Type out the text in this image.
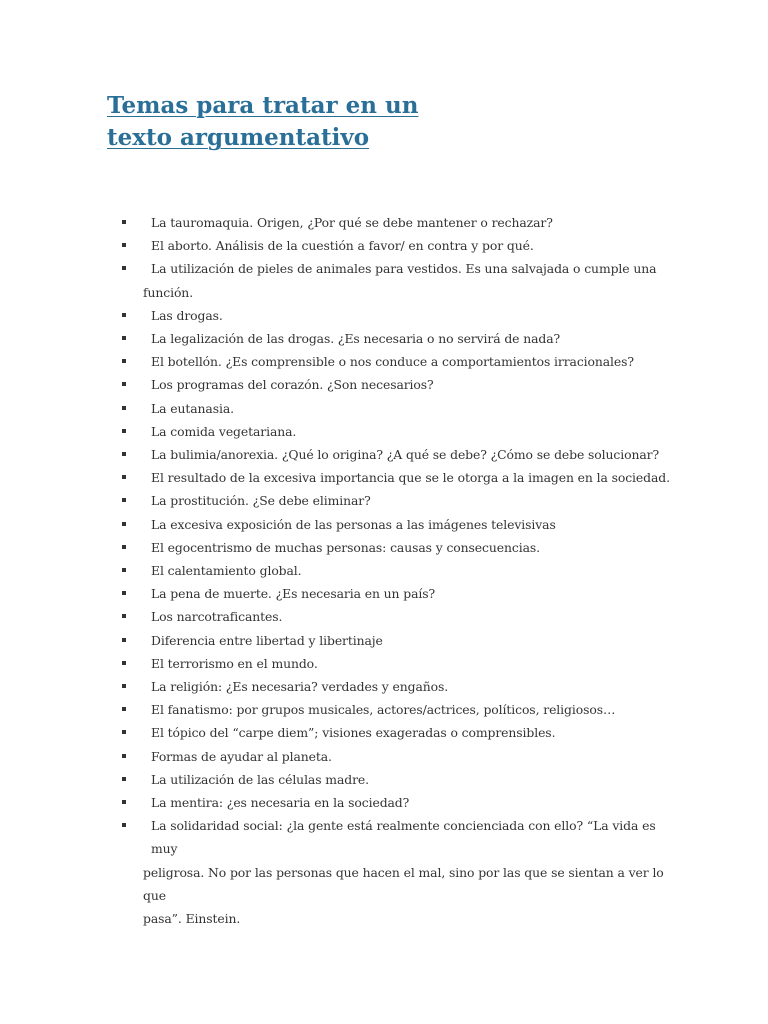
Temas para tratar en un
texto argumentativo
La tauromaquia. Origen, ¿Por qué se debe mantener o rechazar?
El aborto. Análisis de la cuestión a favor/ en contra y por qué.
La utilización de pieles de animales para vestidos. Es una salvajada o cumple una
función.
Las drogas.
La legalización de las drogas. ¿Es necesaria o no servirá de nada?
El botellón. ¿Es comprensible o nos conduce a comportamientos irracionales?
Los programas del corazón. ¿Son necesarios?
La eutanasia.
La comida vegetariana.
La bulimia/anorexia. ¿Qué lo origina? ¿A qué se debe? ¿Cómo se debe solucionar?
El resultado de la excesiva importancia que se le otorga a la imagen en la sociedad.
La prostitución. ¿Se debe eliminar?
La excesiva exposición de las personas a las imágenes televisivas
El egocentrismo de muchas personas: causas y consecuencias.
El calentamiento global.
La pena de muerte. ¿Es necesaria en un país?
Los narcotraficantes.
Diferencia entre libertad y libertinaje
El terrorismo en el mundo.
La religión: ¿Es necesaria? verdades y engaños.
El fanatismo: por grupos musicales, actores/actrices, políticos, religiosos…
El tópico del “carpe diem”; visiones exageradas o comprensibles.
Formas de ayudar al planeta.
La utilización de las células madre.
La mentira: ¿es necesaria en la sociedad?
La solidaridad social: ¿la gente está realmente concienciada con ello? “La vida es muy
peligrosa. No por las personas que hacen el mal, sino por las que se sientan a ver lo que
pasa”. Einstein.
